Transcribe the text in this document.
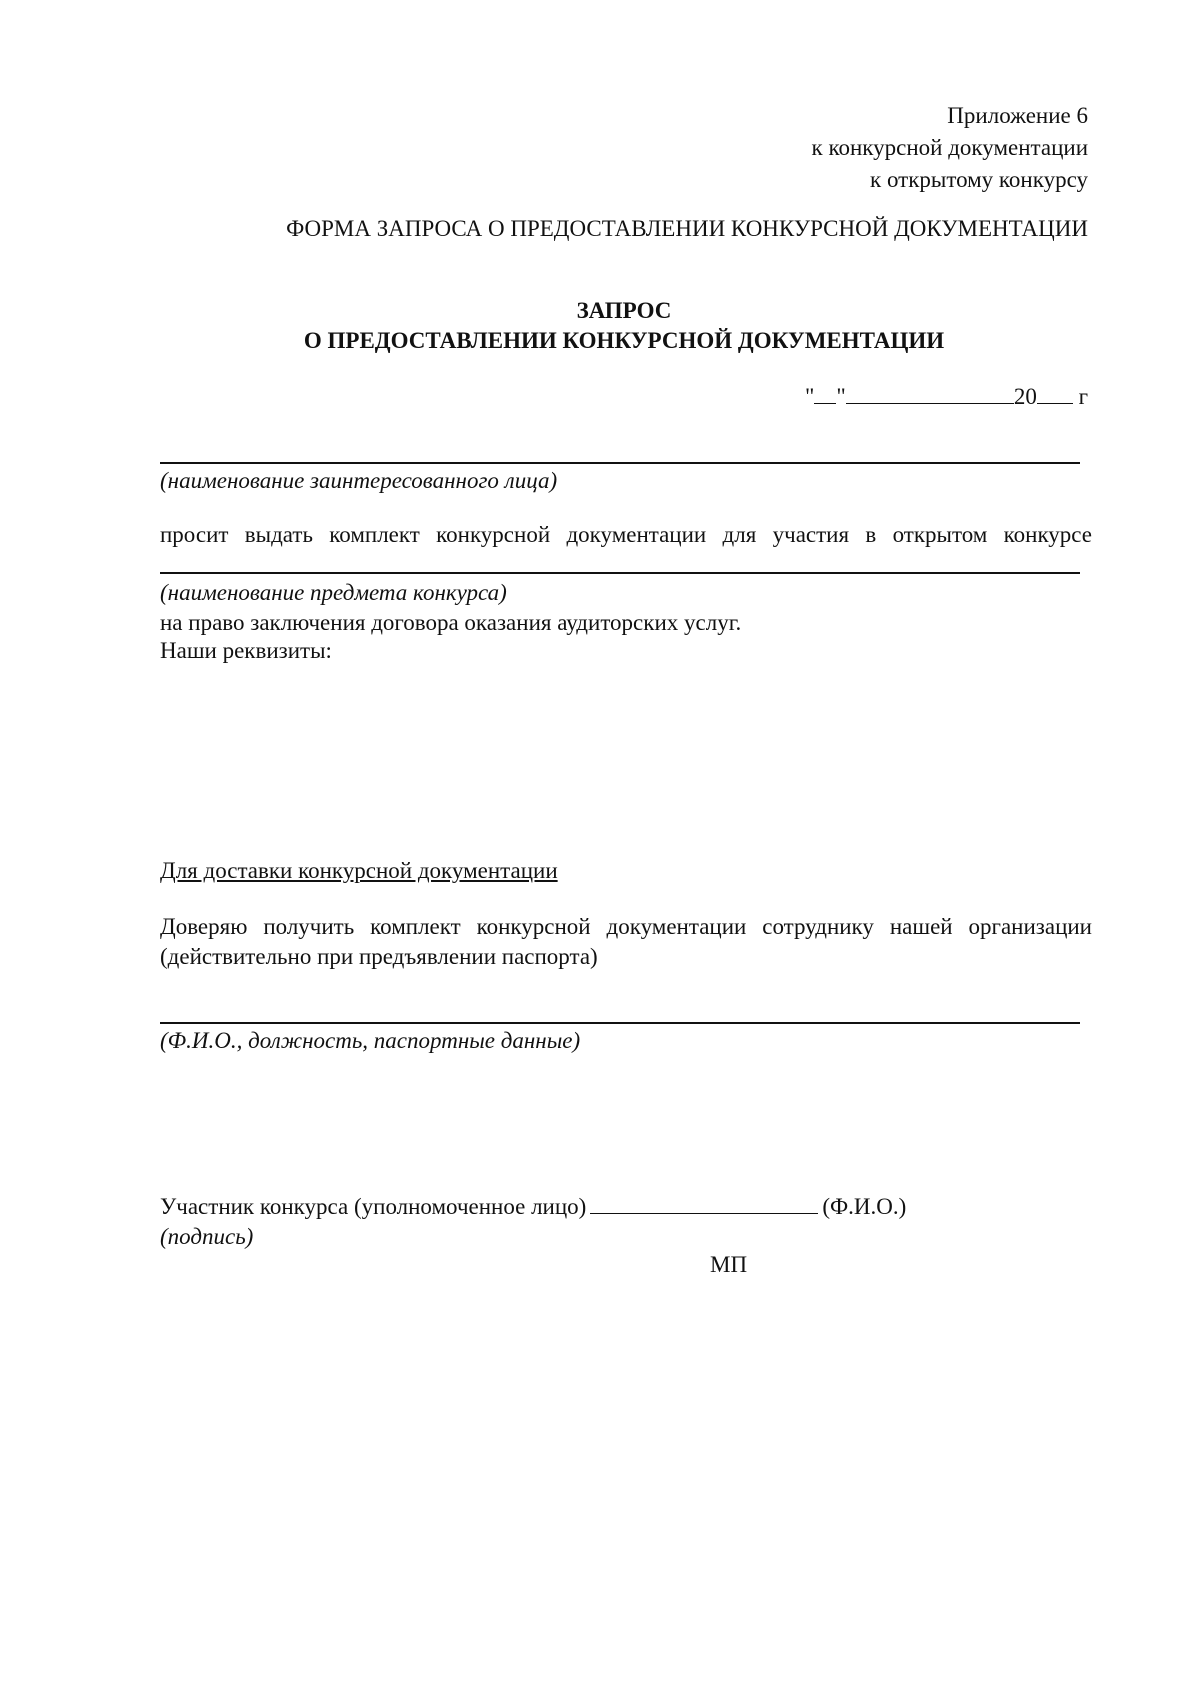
Приложение 6
к конкурсной документации
к открытому конкурсу
ФОРМА ЗАПРОСА О ПРЕДОСТАВЛЕНИИ КОНКУРСНОЙ ДОКУМЕНТАЦИИ
ЗАПРОС
О ПРЕДОСТАВЛЕНИИ КОНКУРСНОЙ ДОКУМЕНТАЦИИ
" "	20 г
(наименование заинтересованного лица)
просит выдать комплект конкурсной документации для участия в открытом конкурсе
(наименование предмета конкурса)
на право заключения договора оказания аудиторских услуг.
Наши реквизиты:
Для доставки конкурсной документации
Доверяю получить комплект конкурсной документации сотруднику нашей организации
(действительно при предъявлении паспорта)
(Ф.И.О., должность, паспортные данные)
Участник конкурса (уполномоченное лицо)	(Ф.И.О.)
(подпись)
МП
